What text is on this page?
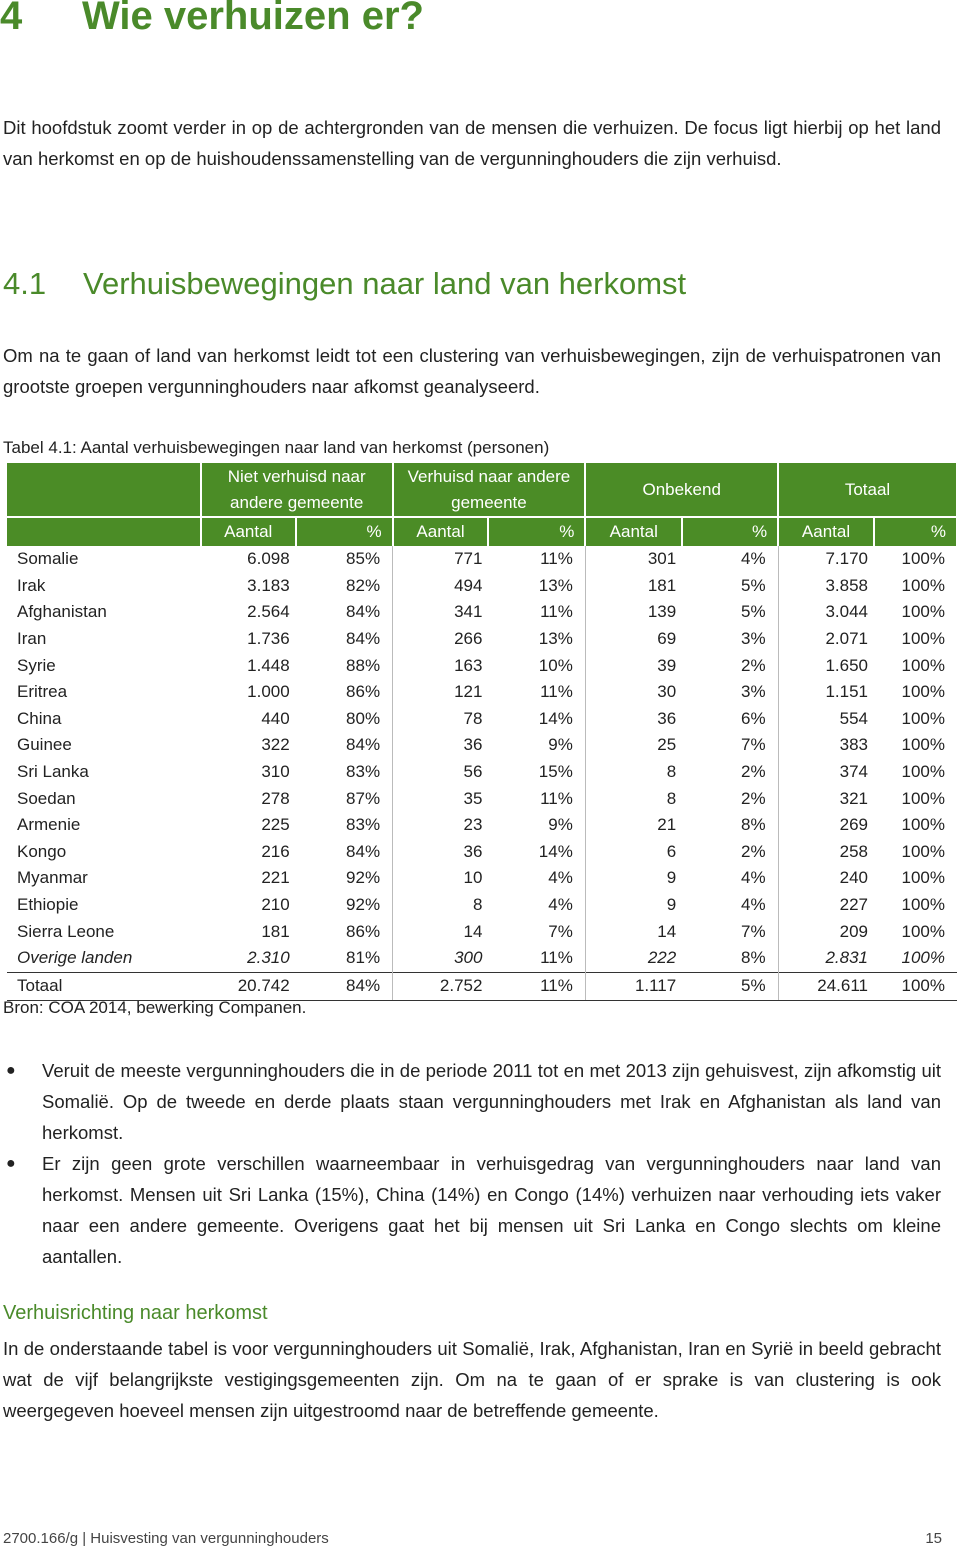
4 Wie verhuizen er?
Dit hoofdstuk zoomt verder in op de achtergronden van de mensen die verhuizen. De focus ligt hierbij op het land van herkomst en op de huishoudenssamenstelling van de vergunninghouders die zijn verhuisd.
4.1 Verhuisbewegingen naar land van herkomst
Om na te gaan of land van herkomst leidt tot een clustering van verhuisbewegingen, zijn de verhuispatronen van grootste groepen vergunninghouders naar afkomst geanalyseerd.
Tabel 4.1: Aantal verhuisbewegingen naar land van herkomst (personen)
	Niet verhuisd naar andere gemeente		Verhuisd naar andere gemeente		Onbekend		Totaal	
	Aantal	%	Aantal	%	Aantal	%	Aantal	%
Somalie	6.098	85%	771	11%	301	4%	7.170	100%
Irak	3.183	82%	494	13%	181	5%	3.858	100%
Afghanistan	2.564	84%	341	11%	139	5%	3.044	100%
Iran	1.736	84%	266	13%	69	3%	2.071	100%
Syrie	1.448	88%	163	10%	39	2%	1.650	100%
Eritrea	1.000	86%	121	11%	30	3%	1.151	100%
China	440	80%	78	14%	36	6%	554	100%
Guinee	322	84%	36	9%	25	7%	383	100%
Sri Lanka	310	83%	56	15%	8	2%	374	100%
Soedan	278	87%	35	11%	8	2%	321	100%
Armenie	225	83%	23	9%	21	8%	269	100%
Kongo	216	84%	36	14%	6	2%	258	100%
Myanmar	221	92%	10	4%	9	4%	240	100%
Ethiopie	210	92%	8	4%	9	4%	227	100%
Sierra Leone	181	86%	14	7%	14	7%	209	100%
Overige landen	2.310	81%	300	11%	222	8%	2.831	100%
Totaal	20.742	84%	2.752	11%	1.117	5%	24.611	100%
Bron: COA 2014, bewerking Companen.
● Veruit de meeste vergunninghouders die in de periode 2011 tot en met 2013 zijn gehuisvest, zijn afkomstig uit Somalië. Op de tweede en derde plaats staan vergunninghouders met Irak en Afghanistan als land van herkomst.
● Er zijn geen grote verschillen waarneembaar in verhuisgedrag van vergunninghouders naar land van herkomst. Mensen uit Sri Lanka (15%), China (14%) en Congo (14%) verhuizen naar verhouding iets vaker naar een andere gemeente. Overigens gaat het bij mensen uit Sri Lanka en Congo slechts om kleine aantallen.
Verhuisrichting naar herkomst
In de onderstaande tabel is voor vergunninghouders uit Somalië, Irak, Afghanistan, Iran en Syrië in beeld gebracht wat de vijf belangrijkste vestigingsgemeenten zijn. Om na te gaan of er sprake is van clustering is ook weergegeven hoeveel mensen zijn uitgestroomd naar de betreffende gemeente.
2700.166/g | Huisvesting van vergunninghouders	15
